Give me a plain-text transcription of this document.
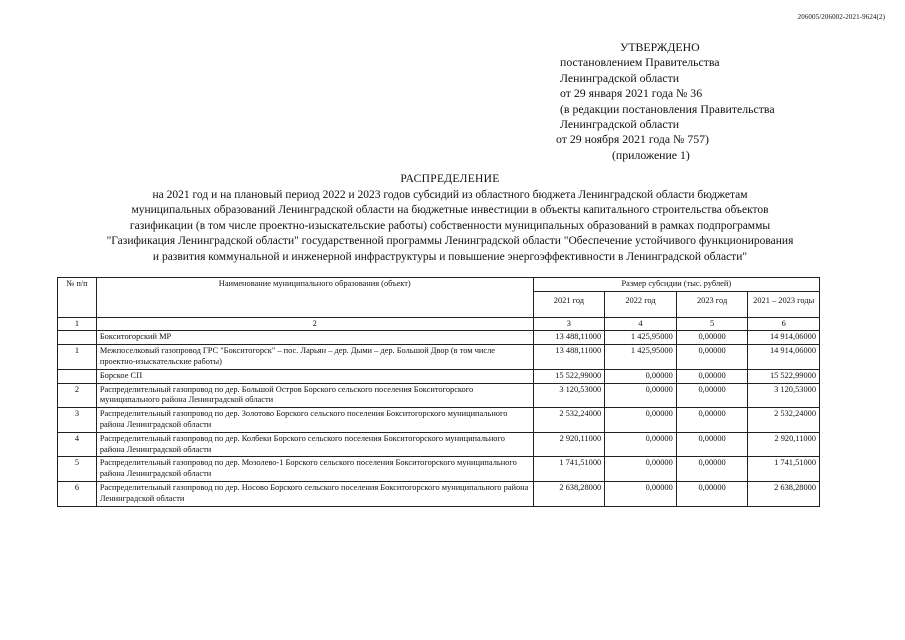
206005/206002-2021-9624(2)
УТВЕРЖДЕНО
постановлением Правительства
Ленинградской области
от 29 января 2021 года № 36
(в редакции постановления Правительства
Ленинградской области
от 29 ноября 2021 года № 757)
(приложение 1)
РАСПРЕДЕЛЕНИЕ
на 2021 год и на плановый период 2022 и 2023 годов субсидий из областного бюджета Ленинградской области бюджетам
муниципальных образований Ленинградской области на бюджетные инвестиции в объекты капитального строительства объектов
газификации (в том числе проектно-изыскательские работы) собственности муниципальных образований в рамках подпрограммы
"Газификация Ленинградской области" государственной программы Ленинградской области "Обеспечение устойчивого функционирования
и развития коммунальной и инженерной инфраструктуры и повышение энергоэффективности в Ленинградской области"
№ п/п	Наименование муниципального образования (объект)	Размер субсидии (тыс. рублей)			
		2021 год	2022 год	2023 год	2021 – 2023 годы
1	2	3	4	5	6
	Бокситогорский МР	13 488,11000	1 425,95000	0,00000	14 914,06000
1	Межпоселковый газопровод ГРС "Бокситогорск" – пос. Ларьян – дер. Дыми – дер. Большой Двор (в том числе проектно-изыскательские работы)	13 488,11000	1 425,95000	0,00000	14 914,06000
	Борское СП	15 522,99000	0,00000	0,00000	15 522,99000
2	Распределительный газопровод по дер. Большой Остров Борского сельского поселения Бокситогорского муниципального района Ленинградской области	3 120,53000	0,00000	0,00000	3 120,53000
3	Распределительный газопровод по дер. Золотово Борского сельского поселения Бокситогорского муниципального района Ленинградской области	2 532,24000	0,00000	0,00000	2 532,24000
4	Распределительный газопровод по дер. Колбеки Борского сельского поселения Бокситогорского муниципального района Ленинградской области	2 920,11000	0,00000	0,00000	2 920,11000
5	Распределительный газопровод по дер. Мозолево-1 Борского сельского поселения Бокситогорского муниципального района Ленинградской области	1 741,51000	0,00000	0,00000	1 741,51000
6	Распределительный газопровод по дер. Носово Борского сельского поселения Бокситогорского муниципального района Ленинградской области	2 638,28000	0,00000	0,00000	2 638,28000
